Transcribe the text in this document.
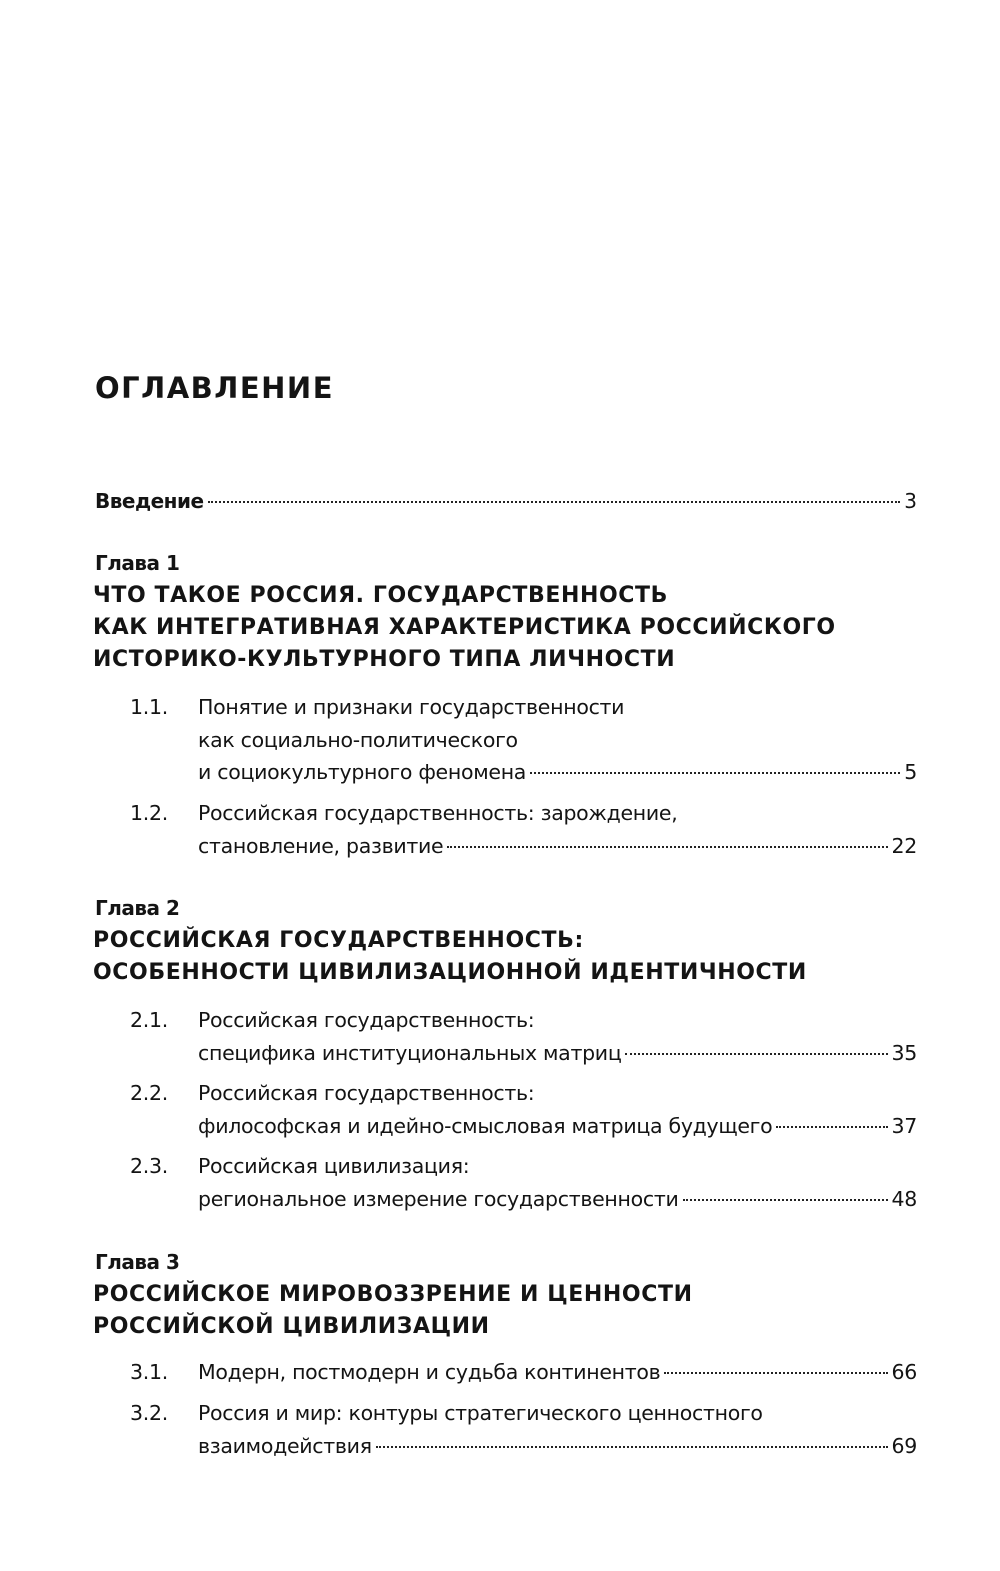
ОГЛАВЛЕНИЕ
Введение	3
Глава 1
ЧТО ТАКОЕ РОССИЯ. ГОСУДАРСТВЕННОСТЬ
КАК ИНТЕГРАТИВНАЯ ХАРАКТЕРИСТИКА РОССИЙСКОГО
ИСТОРИКО-КУЛЬТУРНОГО ТИПА ЛИЧНОСТИ
1.1. Понятие и признаки государственности
как социально-политического
и социокультурного феномена	5
1.2. Российская государственность: зарождение,
становление, развитие	22
Глава 2
РОССИЙСКАЯ ГОСУДАРСТВЕННОСТЬ:
ОСОБЕННОСТИ ЦИВИЛИЗАЦИОННОЙ ИДЕНТИЧНОСТИ
2.1. Российская государственность:
специфика институциональных матриц	35
2.2. Российская государственность:
философская и идейно-смысловая матрица будущего	37
2.3. Российская цивилизация:
региональное измерение государственности	48
Глава 3
РОССИЙСКОЕ МИРОВОЗЗРЕНИЕ И ЦЕННОСТИ
РОССИЙСКОЙ ЦИВИЛИЗАЦИИ
3.1. Модерн, постмодерн и судьба континентов	66
3.2. Россия и мир: контуры стратегического ценностного
взаимодействия	69
